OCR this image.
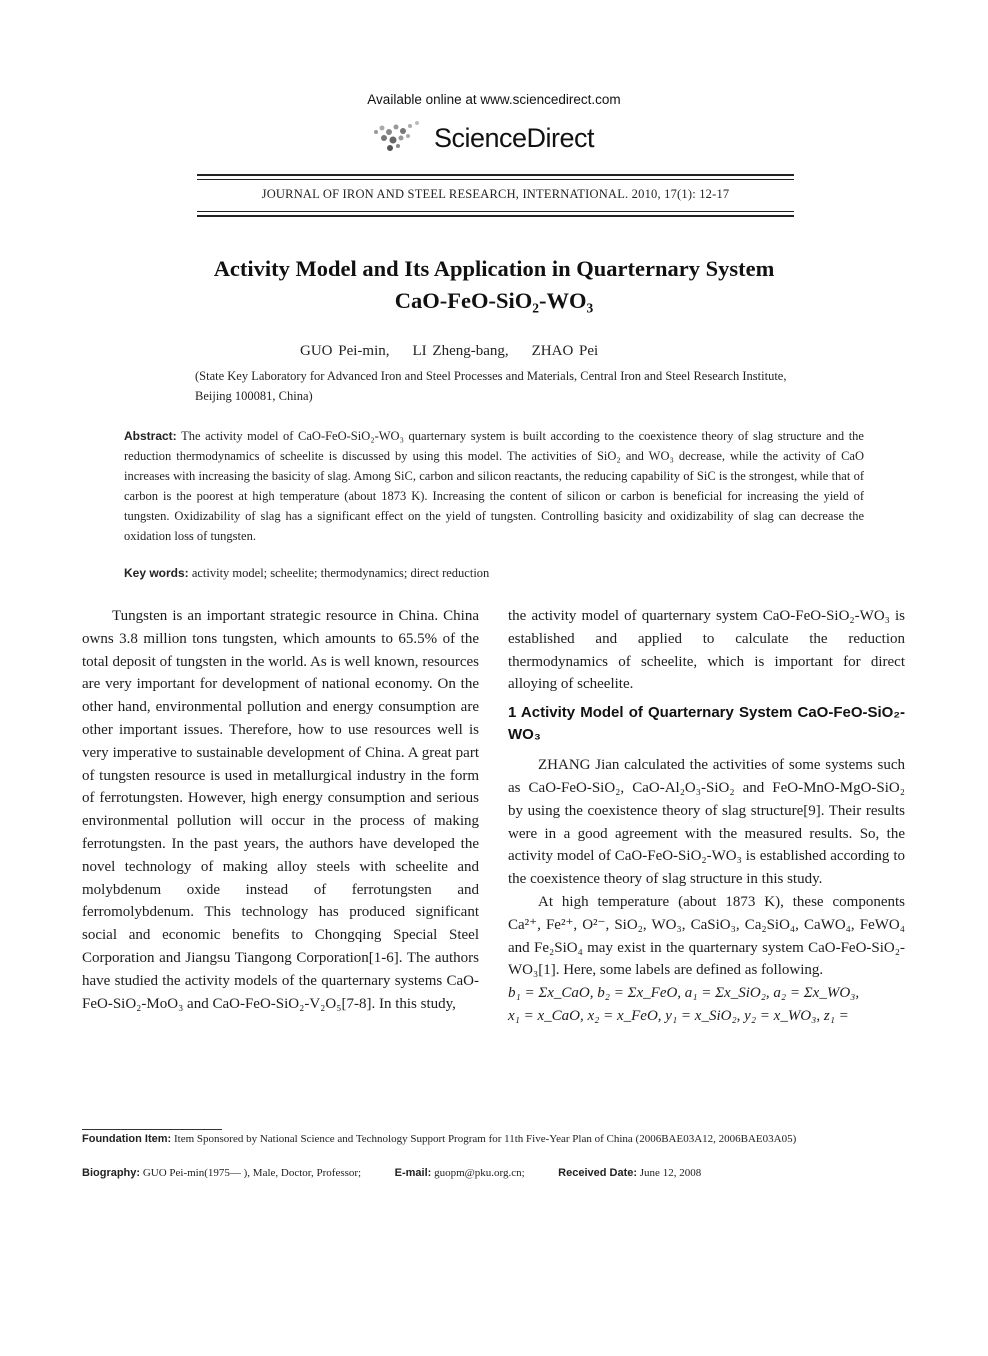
Available online at www.sciencedirect.com
ScienceDirect
JOURNAL OF IRON AND STEEL RESEARCH, INTERNATIONAL. 2010, 17(1): 12-17
Activity Model and Its Application in Quarternary System
CaO-FeO-SiO₂-WO₃
GUO Pei-min, LI Zheng-bang, ZHAO Pei
(State Key Laboratory for Advanced Iron and Steel Processes and Materials, Central Iron and Steel Research Institute, Beijing 100081, China)
Abstract: The activity model of CaO-FeO-SiO₂-WO₃ quarternary system is built according to the coexistence theory of slag structure and the reduction thermodynamics of scheelite is discussed by using this model. The activities of SiO₂ and WO₃ decrease, while the activity of CaO increases with increasing the basicity of slag. Among SiC, carbon and silicon reactants, the reducing capability of SiC is the strongest, while that of carbon is the poorest at high temperature (about 1873 K). Increasing the content of silicon or carbon is beneficial for increasing the yield of tungsten. Oxidizability of slag has a significant effect on the yield of tungsten. Controlling basicity and oxidizability of slag can decrease the oxidation loss of tungsten.
Key words: activity model; scheelite; thermodynamics; direct reduction

Tungsten is an important strategic resource in China. China owns 3.8 million tons tungsten, which amounts to 65.5% of the total deposit of tungsten in the world. As is well known, resources are very important for development of national economy. On the other hand, environmental pollution and energy consumption are other important issues. Therefore, how to use resources well is very imperative to sustainable development of China. A great part of tungsten resource is used in metallurgical industry in the form of ferrotungsten. However, high energy consumption and serious environmental pollution will occur in the process of making ferrotungsten. In the past years, the authors have developed the novel technology of making alloy steels with scheelite and molybdenum oxide instead of ferrotungsten and ferromolybdenum. This technology has produced significant social and economic benefits to Chongqing Special Steel Corporation and Jiangsu Tiangong Corporation[1-6]. The authors have studied the activity models of the quarternary systems CaO-FeO-SiO₂-MoO₃ and CaO-FeO-SiO₂-V₂O₅[7-8]. In this study,

the activity model of quarternary system CaO-FeO-SiO₂-WO₃ is established and applied to calculate the reduction thermodynamics of scheelite, which is important for direct alloying of scheelite.

1 Activity Model of Quarternary System CaO-FeO-SiO₂-WO₃

ZHANG Jian calculated the activities of some systems such as CaO-FeO-SiO₂, CaO-Al₂O₃-SiO₂ and FeO-MnO-MgO-SiO₂ by using the coexistence theory of slag structure[9]. Their results were in a good agreement with the measured results. So, the activity model of CaO-FeO-SiO₂-WO₃ is established according to the coexistence theory of slag structure in this study.

At high temperature (about 1873 K), these components Ca²⁺, Fe²⁺, O²⁻, SiO₂, WO₃, CaSiO₃, Ca₂SiO₄, CaWO₄, FeWO₄ and Fe₂SiO₄ may exist in the quarternary system CaO-FeO-SiO₂-WO₃[1]. Here, some labels are defined as following.

b₁ = Σx_CaO, b₂ = Σx_FeO, a₁ = Σx_SiO₂, a₂ = Σx_WO₃,
x₁ = x_CaO, x₂ = x_FeO, y₁ = x_SiO₂, y₂ = x_WO₃, z₁ =
Foundation Item: Item Sponsored by National Science and Technology Support Program for 11th Five-Year Plan of China (2006BAE03A12, 2006BAE03A05)
Biography: GUO Pei-min(1975— ), Male, Doctor, Professor;	E-mail: guopm@pku.org.cn;	Received Date: June 12, 2008
